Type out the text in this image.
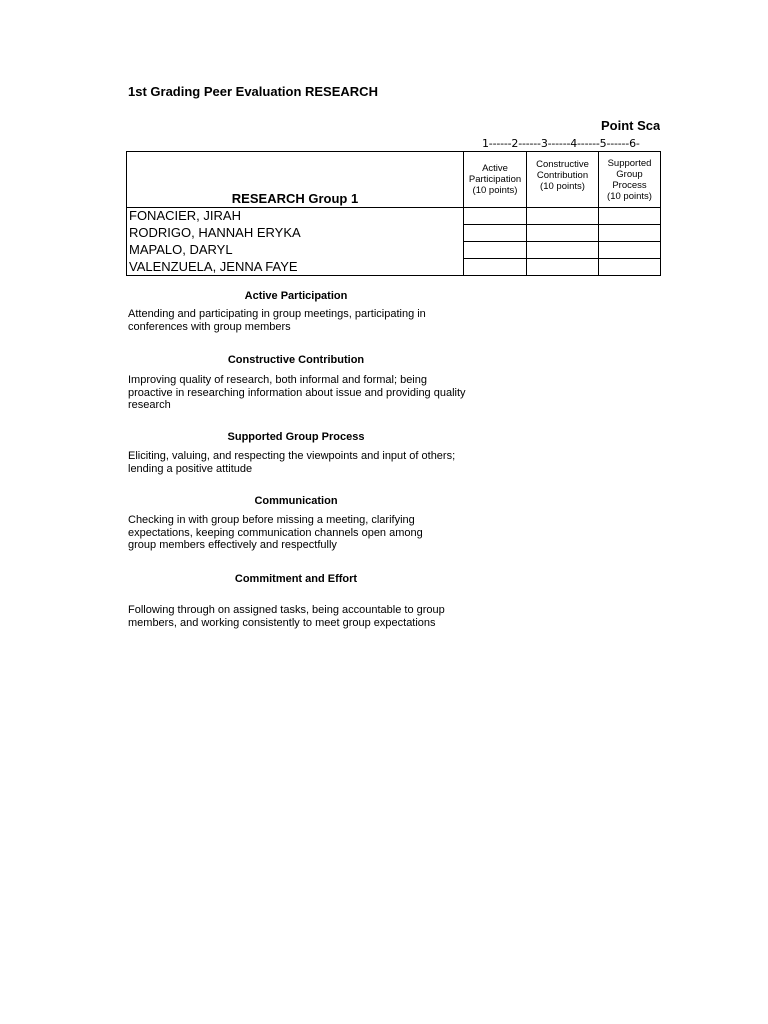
1st Grading Peer Evaluation RESEARCH
Point Sca
1------2------3------4------5------6-
RESEARCH Group 1	Active
Participation
(10 points)	Constructive
Contribution
(10 points)	Supported
Group
Process
(10 points)

FONACIER, JIRAH			
RODRIGO, HANNAH ERYKA			
MAPALO, DARYL			
VALENZUELA, JENNA FAYE			
Active Participation
Attending and participating in group meetings, participating in conferences with group members
Constructive Contribution
Improving quality of research, both informal and formal; being proactive in researching information about issue and providing quality research
Supported Group Process
Eliciting, valuing, and respecting the viewpoints and input of others; lending a positive attitude
Communication
Checking in with group before missing a meeting, clarifying expectations, keeping communication channels open among group members effectively and respectfully
Commitment and Effort
Following through on assigned tasks, being accountable to group members, and working consistently to meet group expectations
